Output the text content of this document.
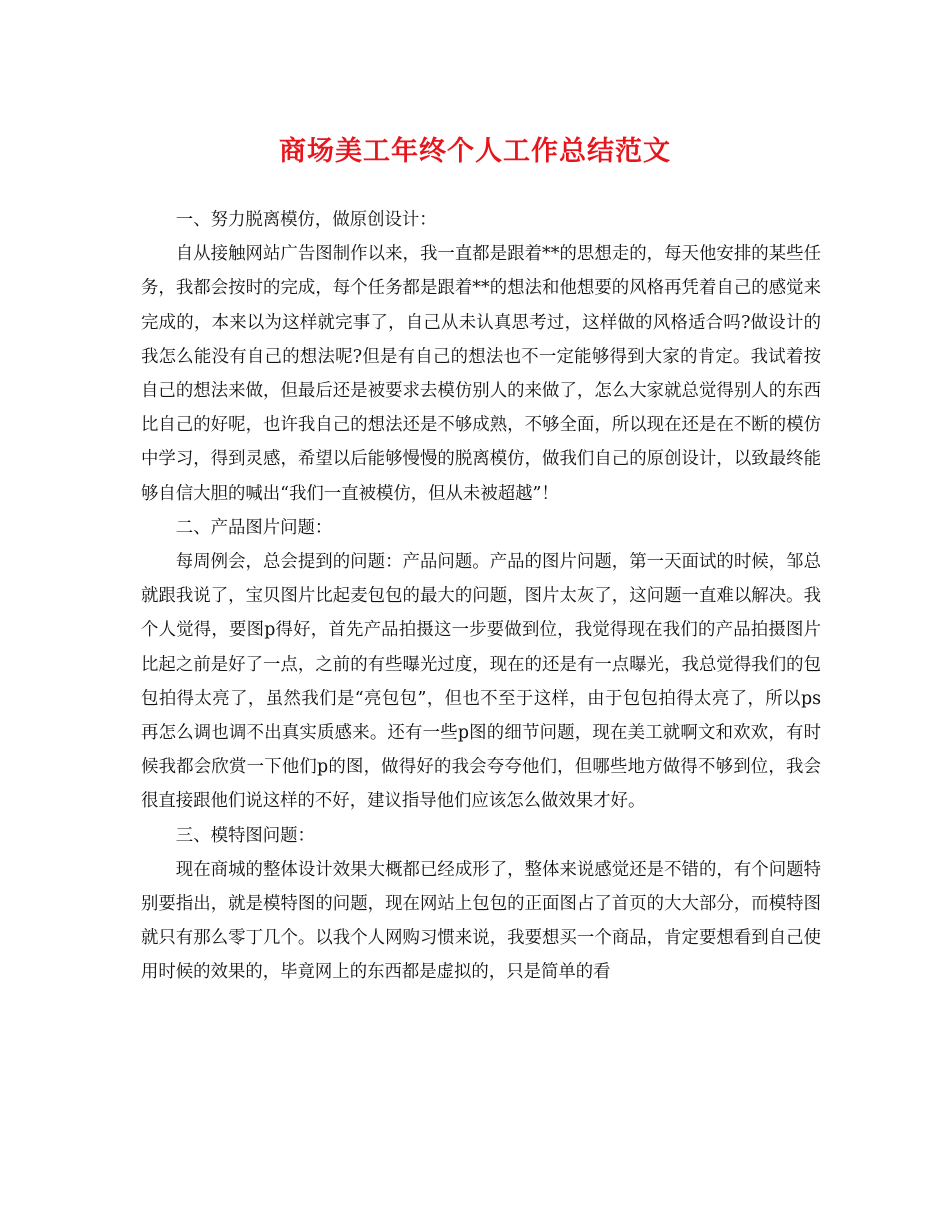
商场美工年终个人工作总结范文

一、努力脱离模仿，做原创设计：

自从接触网站广告图制作以来，我一直都是跟着**的思想走的，每天他安排的某些任务，我都会按时的完成，每个任务都是跟着**的想法和他想要的风格再凭着自己的感觉来完成的，本来以为这样就完事了，自己从未认真思考过，这样做的风格适合吗?做设计的我怎么能没有自己的想法呢?但是有自己的想法也不一定能够得到大家的肯定。我试着按自己的想法来做，但最后还是被要求去模仿别人的来做了，怎么大家就总觉得别人的东西比自己的好呢，也许我自己的想法还是不够成熟，不够全面，所以现在还是在不断的模仿中学习，得到灵感，希望以后能够慢慢的脱离模仿，做我们自己的原创设计，以致最终能够自信大胆的喊出“我们一直被模仿，但从未被超越”！

二、产品图片问题：

每周例会，总会提到的问题：产品问题。产品的图片问题，第一天面试的时候，邹总就跟我说了，宝贝图片比起麦包包的最大的问题，图片太灰了，这问题一直难以解决。我个人觉得，要图p得好，首先产品拍摄这一步要做到位，我觉得现在我们的产品拍摄图片比起之前是好了一点，之前的有些曝光过度，现在的还是有一点曝光，我总觉得我们的包包拍得太亮了，虽然我们是“亮包包”，但也不至于这样，由于包包拍得太亮了，所以ps再怎么调也调不出真实质感来。还有一些p图的细节问题，现在美工就啊文和欢欢，有时候我都会欣赏一下他们p的图，做得好的我会夸夸他们，但哪些地方做得不够到位，我会很直接跟他们说这样的不好，建议指导他们应该怎么做效果才好。

三、模特图问题：

现在商城的整体设计效果大概都已经成形了，整体来说感觉还是不错的，有个问题特别要指出，就是模特图的问题，现在网站上包包的正面图占了首页的大大部分，而模特图就只有那么零丁几个。以我个人网购习惯来说，我要想买一个商品，肯定要想看到自己使用时候的效果的，毕竟网上的东西都是虚拟的，只是简单的看
